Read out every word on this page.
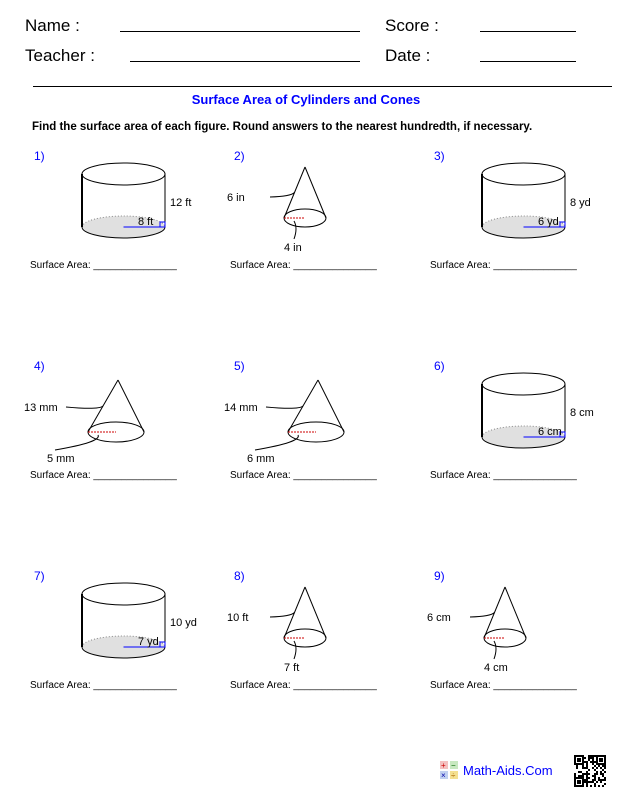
Name :	Score :
Teacher :	Date :
Surface Area of Cylinders and Cones
Find the surface area of each figure. Round answers to the nearest hundredth, if necessary.
12 ft
8 ft
1)
Surface Area: _______________
6 in
4 in
2)
Surface Area: _______________
8 yd
6 yd
3)
Surface Area: _______________
13 mm
5 mm
4)
Surface Area: _______________
14 mm
6 mm
5)
Surface Area: _______________
8 cm
6 cm
6)
Surface Area: _______________
10 yd
7 yd
7)
Surface Area: _______________
10 ft
7 ft
8)
Surface Area: _______________
6 cm
4 cm
9)
Surface Area: _______________
+ −
× ÷ Math-Aids.Com
